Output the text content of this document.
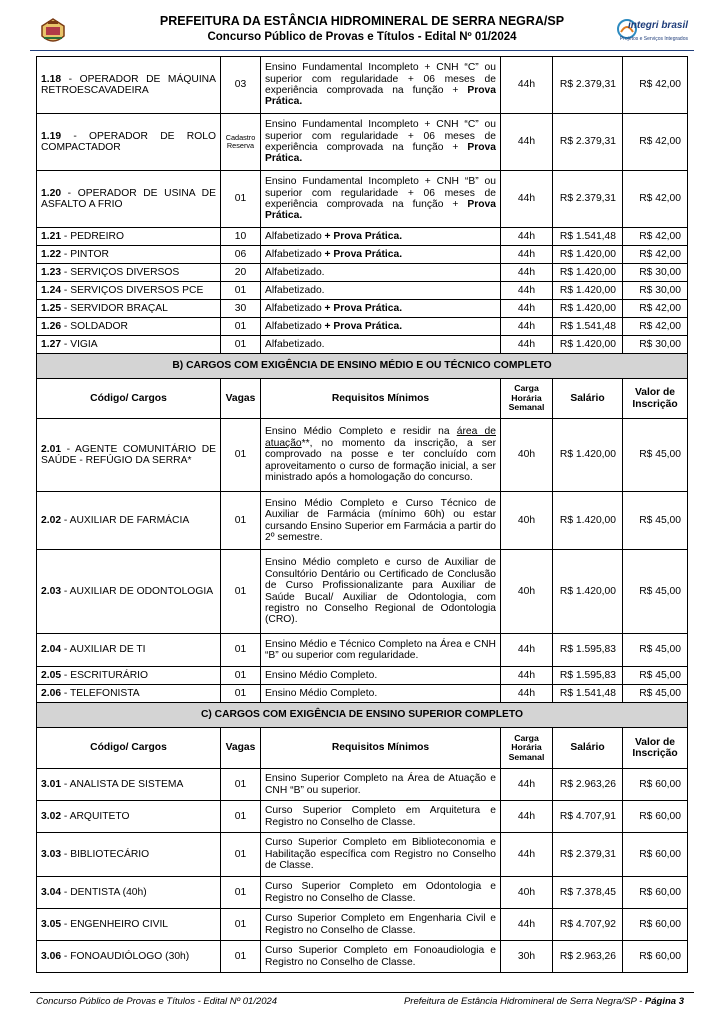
PREFEITURA DA ESTÂNCIA HIDROMINERAL DE SERRA NEGRA/SP
Concurso Público de Provas e Títulos - Edital Nº 01/2024
integri brasil
Projetos e Serviços Integrados
1.18 - OPERADOR DE MÁQUINA RETROESCAVADEIRA	03	Ensino Fundamental Incompleto + CNH “C” ou superior com regularidade + 06 meses de experiência comprovada na função + Prova Prática.	44h	R$ 2.379,31	R$ 42,00
1.19 - OPERADOR DE ROLO COMPACTADOR	Cadastro Reserva	Ensino Fundamental Incompleto + CNH “C” ou superior com regularidade + 06 meses de experiência comprovada na função + Prova Prática.	44h	R$ 2.379,31	R$ 42,00
1.20 - OPERADOR DE USINA DE ASFALTO A FRIO	01	Ensino Fundamental Incompleto + CNH “B” ou superior com regularidade + 06 meses de experiência comprovada na função + Prova Prática.	44h	R$ 2.379,31	R$ 42,00
1.21 - PEDREIRO	10	Alfabetizado + Prova Prática.	44h	R$ 1.541,48	R$ 42,00
1.22 - PINTOR	06	Alfabetizado + Prova Prática.	44h	R$ 1.420,00	R$ 42,00
1.23 - SERVIÇOS DIVERSOS	20	Alfabetizado.	44h	R$ 1.420,00	R$ 30,00
1.24 - SERVIÇOS DIVERSOS PCE	01	Alfabetizado.	44h	R$ 1.420,00	R$ 30,00
1.25 - SERVIDOR BRAÇAL	30	Alfabetizado + Prova Prática.	44h	R$ 1.420,00	R$ 42,00
1.26 - SOLDADOR	01	Alfabetizado + Prova Prática.	44h	R$ 1.541,48	R$ 42,00
1.27 - VIGIA	01	Alfabetizado.	44h	R$ 1.420,00	R$ 30,00
B) CARGOS COM EXIGÊNCIA DE ENSINO MÉDIO E OU TÉCNICO COMPLETO					
Código/ Cargos	Vagas	Requisitos Mínimos	Carga Horária Semanal	Salário	Valor de Inscrição
2.01 - AGENTE COMUNITÁRIO DE SAÚDE - REFÚGIO DA SERRA*	01	Ensino Médio Completo e residir na área de atuação**, no momento da inscrição, a ser comprovado na posse e ter concluído com aproveitamento o curso de formação inicial, a ser ministrado após a homologação do concurso.	40h	R$ 1.420,00	R$ 45,00
2.02 - AUXILIAR DE FARMÁCIA	01	Ensino Médio Completo e Curso Técnico de Auxiliar de Farmácia (mínimo 60h) ou estar cursando Ensino Superior em Farmácia a partir do 2º semestre.	40h	R$ 1.420,00	R$ 45,00
2.03 - AUXILIAR DE ODONTOLOGIA	01	Ensino Médio completo e curso de Auxiliar de Consultório Dentário ou Certificado de Conclusão de Curso Profissionalizante para Auxiliar de Saúde Bucal/ Auxiliar de Odontologia, com registro no Conselho Regional de Odontologia (CRO).	40h	R$ 1.420,00	R$ 45,00
2.04 - AUXILIAR DE TI	01	Ensino Médio e Técnico Completo na Área e CNH “B” ou superior com regularidade.	44h	R$ 1.595,83	R$ 45,00
2.05 - ESCRITURÁRIO	01	Ensino Médio Completo.	44h	R$ 1.595,83	R$ 45,00
2.06 - TELEFONISTA	01	Ensino Médio Completo.	44h	R$ 1.541,48	R$ 45,00
C) CARGOS COM EXIGÊNCIA DE ENSINO SUPERIOR COMPLETO					
Código/ Cargos	Vagas	Requisitos Mínimos	Carga Horária Semanal	Salário	Valor de Inscrição
3.01 - ANALISTA DE SISTEMA	01	Ensino Superior Completo na Área de Atuação e CNH “B” ou superior.	44h	R$ 2.963,26	R$ 60,00
3.02 - ARQUITETO	01	Curso Superior Completo em Arquitetura e Registro no Conselho de Classe.	44h	R$ 4.707,91	R$ 60,00
3.03 - BIBLIOTECÁRIO	01	Curso Superior Completo em Biblioteconomia e Habilitação específica com Registro no Conselho de Classe.	44h	R$ 2.379,31	R$ 60,00
3.04 - DENTISTA (40h)	01	Curso Superior Completo em Odontologia e Registro no Conselho de Classe.	40h	R$ 7.378,45	R$ 60,00
3.05 - ENGENHEIRO CIVIL	01	Curso Superior Completo em Engenharia Civil e Registro no Conselho de Classe.	44h	R$ 4.707,92	R$ 60,00
3.06 - FONOAUDIÓLOGO (30h)	01	Curso Superior Completo em Fonoaudiologia e Registro no Conselho de Classe.	30h	R$ 2.963,26	R$ 60,00
Concurso Público de Provas e Títulos - Edital Nº 01/2024	Prefeitura de Estância Hidromineral de Serra Negra/SP - Página 3
